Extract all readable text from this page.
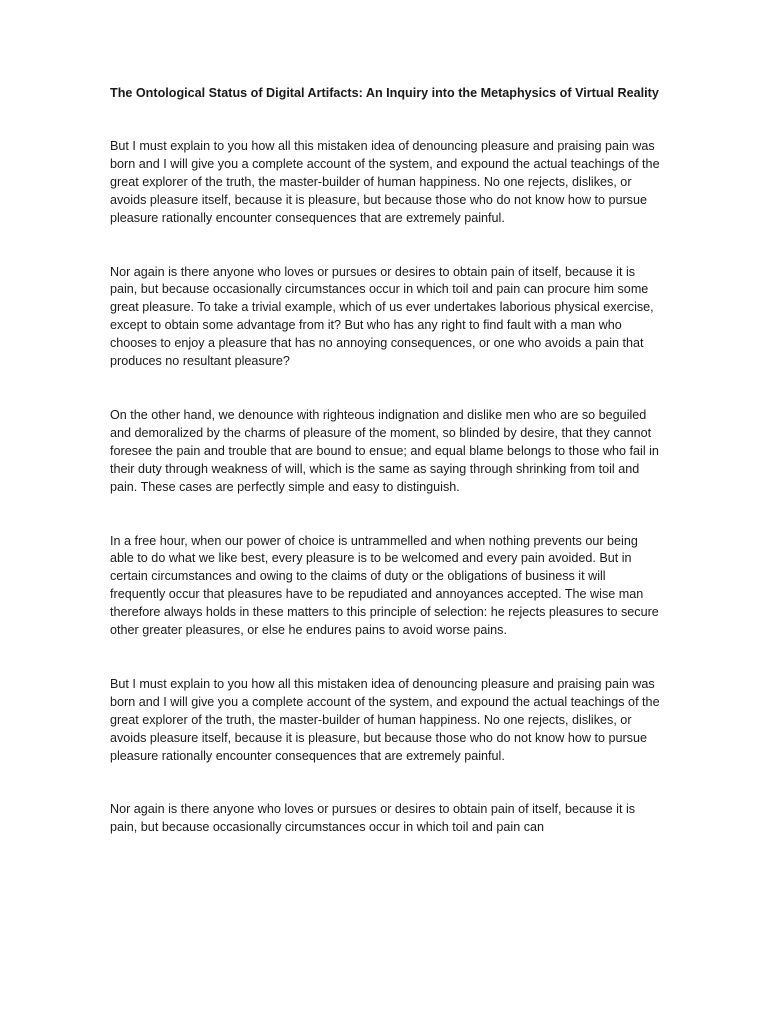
The Ontological Status of Digital Artifacts: An Inquiry into the Metaphysics of Virtual Reality

But I must explain to you how all this mistaken idea of denouncing pleasure and praising pain was born and I will give you a complete account of the system, and expound the actual teachings of the great explorer of the truth, the master-builder of human happiness. No one rejects, dislikes, or avoids pleasure itself, because it is pleasure, but because those who do not know how to pursue pleasure rationally encounter consequences that are extremely painful.

Nor again is there anyone who loves or pursues or desires to obtain pain of itself, because it is pain, but because occasionally circumstances occur in which toil and pain can procure him some great pleasure. To take a trivial example, which of us ever undertakes laborious physical exercise, except to obtain some advantage from it? But who has any right to find fault with a man who chooses to enjoy a pleasure that has no annoying consequences, or one who avoids a pain that produces no resultant pleasure?

On the other hand, we denounce with righteous indignation and dislike men who are so beguiled and demoralized by the charms of pleasure of the moment, so blinded by desire, that they cannot foresee the pain and trouble that are bound to ensue; and equal blame belongs to those who fail in their duty through weakness of will, which is the same as saying through shrinking from toil and pain. These cases are perfectly simple and easy to distinguish.

In a free hour, when our power of choice is untrammelled and when nothing prevents our being able to do what we like best, every pleasure is to be welcomed and every pain avoided. But in certain circumstances and owing to the claims of duty or the obligations of business it will frequently occur that pleasures have to be repudiated and annoyances accepted. The wise man therefore always holds in these matters to this principle of selection: he rejects pleasures to secure other greater pleasures, or else he endures pains to avoid worse pains.

But I must explain to you how all this mistaken idea of denouncing pleasure and praising pain was born and I will give you a complete account of the system, and expound the actual teachings of the great explorer of the truth, the master-builder of human happiness. No one rejects, dislikes, or avoids pleasure itself, because it is pleasure, but because those who do not know how to pursue pleasure rationally encounter consequences that are extremely painful.

Nor again is there anyone who loves or pursues or desires to obtain pain of itself, because it is pain, but because occasionally circumstances occur in which toil and pain can
